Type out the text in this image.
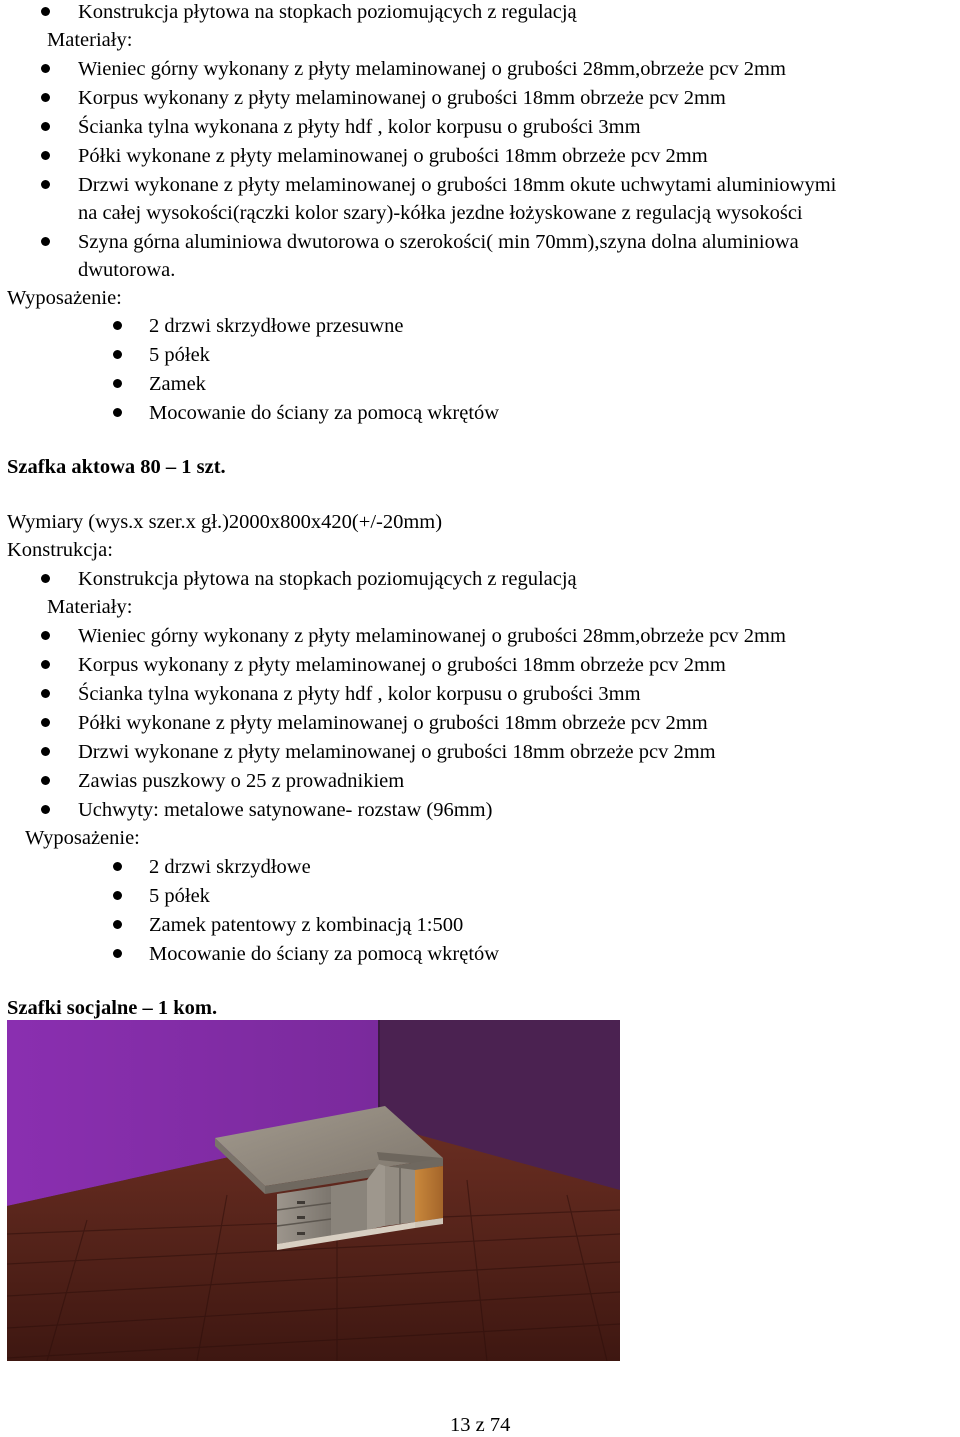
Konstrukcja płytowa na stopkach poziomujących z regulacją
Materiały:
Wieniec górny wykonany z płyty melaminowanej o grubości 28mm,obrzeże pcv 2mm
Korpus wykonany z płyty melaminowanej o grubości 18mm obrzeże pcv 2mm
Ścianka tylna wykonana z płyty hdf , kolor korpusu o grubości 3mm
Półki wykonane z płyty melaminowanej o grubości 18mm obrzeże pcv 2mm
Drzwi wykonane z płyty melaminowanej o grubości 18mm okute uchwytami aluminiowymi
na całej wysokości(rączki kolor szary)-kółka jezdne łożyskowane z regulacją wysokości
Szyna górna aluminiowa dwutorowa o szerokości( min 70mm),szyna dolna aluminiowa
dwutorowa.
Wyposażenie:
2 drzwi skrzydłowe przesuwne
5 półek
Zamek
Mocowanie do ściany za pomocą wkrętów
Szafka aktowa 80 – 1 szt.
Wymiary (wys.x szer.x gł.)2000x800x420(+/-20mm)
Konstrukcja:
Konstrukcja płytowa na stopkach poziomujących z regulacją
Materiały:
Wieniec górny wykonany z płyty melaminowanej o grubości 28mm,obrzeże pcv 2mm
Korpus wykonany z płyty melaminowanej o grubości 18mm obrzeże pcv 2mm
Ścianka tylna wykonana z płyty hdf , kolor korpusu o grubości 3mm
Półki wykonane z płyty melaminowanej o grubości 18mm obrzeże pcv 2mm
Drzwi wykonane z płyty melaminowanej o grubości 18mm obrzeże pcv 2mm
Zawias puszkowy o 25 z prowadnikiem
Uchwyty: metalowe satynowane- rozstaw (96mm)
Wyposażenie:
2 drzwi skrzydłowe
5 półek
Zamek patentowy z kombinacją 1:500
Mocowanie do ściany za pomocą wkrętów
Szafki socjalne – 1 kom.
13 z 74
